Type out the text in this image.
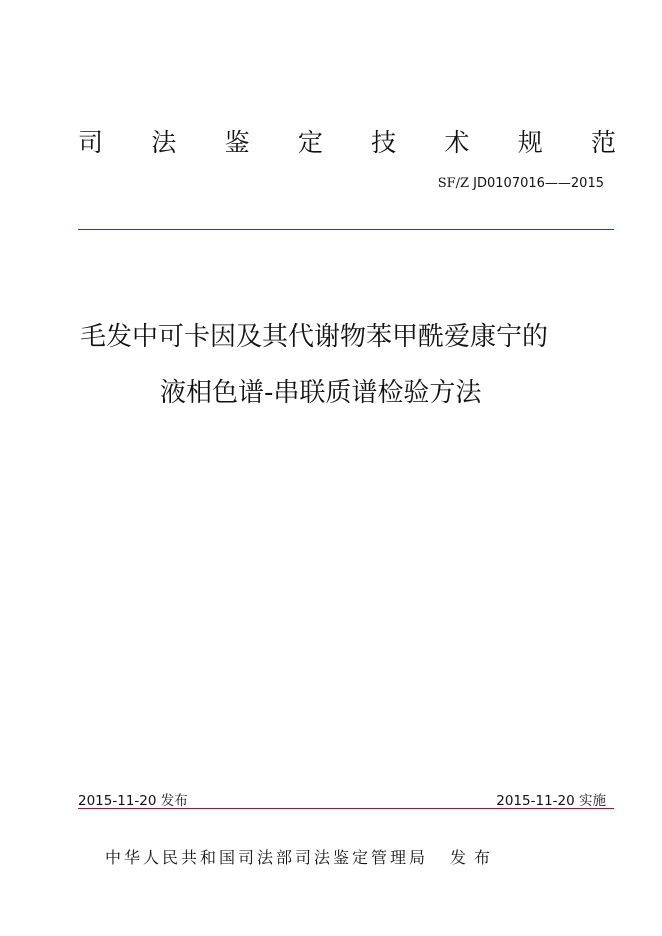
司 法 鉴 定 技 术 规 范
SF/Z JD0107016——2015
毛发中可卡因及其代谢物苯甲酰爱康宁的
液相色谱-串联质谱检验方法
2015-11-20 发布	2015-11-20 实施
中华人民共和国司法部司法鉴定管理局 发布
